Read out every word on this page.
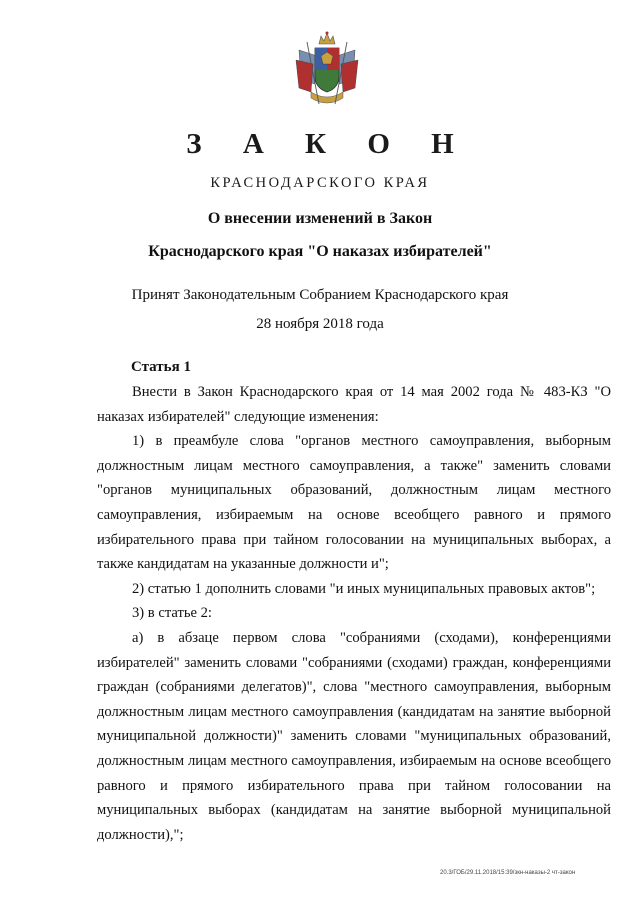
З А К О Н
КРАСНОДАРСКОГО КРАЯ
О внесении изменений в Закон
Краснодарского края "О наказах избирателей"
Принят Законодательным Собранием Краснодарского края
28 ноября 2018 года
Статья 1

Внести в Закон Краснодарского края от 14 мая 2002 года № 483-КЗ "О наказах избирателей" следующие изменения:

1) в преамбуле слова "органов местного самоуправления, выборным должностным лицам местного самоуправления, а также" заменить словами "органов муниципальных образований, должностным лицам местного самоуправления, избираемым на основе всеобщего равного и прямого избирательного права при тайном голосовании на муниципальных выборах, а также кандидатам на указанные должности и";

2) статью 1 дополнить словами "и иных муниципальных правовых актов";

3) в статье 2:

а) в абзаце первом слова "собраниями (сходами), конференциями избирателей" заменить словами "собраниями (сходами) граждан, конференциями граждан (собраниями делегатов)", слова "местного самоуправления, выборным должностным лицам местного самоуправления (кандидатам на занятие выборной муниципальной должности)" заменить словами "муниципальных образований, должностным лицам местного самоуправления, избираемым на основе всеобщего равного и прямого избирательного права при тайном голосовании на муниципальных выборах (кандидатам на занятие выборной муниципальной должности),";

20.3/ГОБ/29.11.2018/15:39/зкн-наказы-2 чт-закон
